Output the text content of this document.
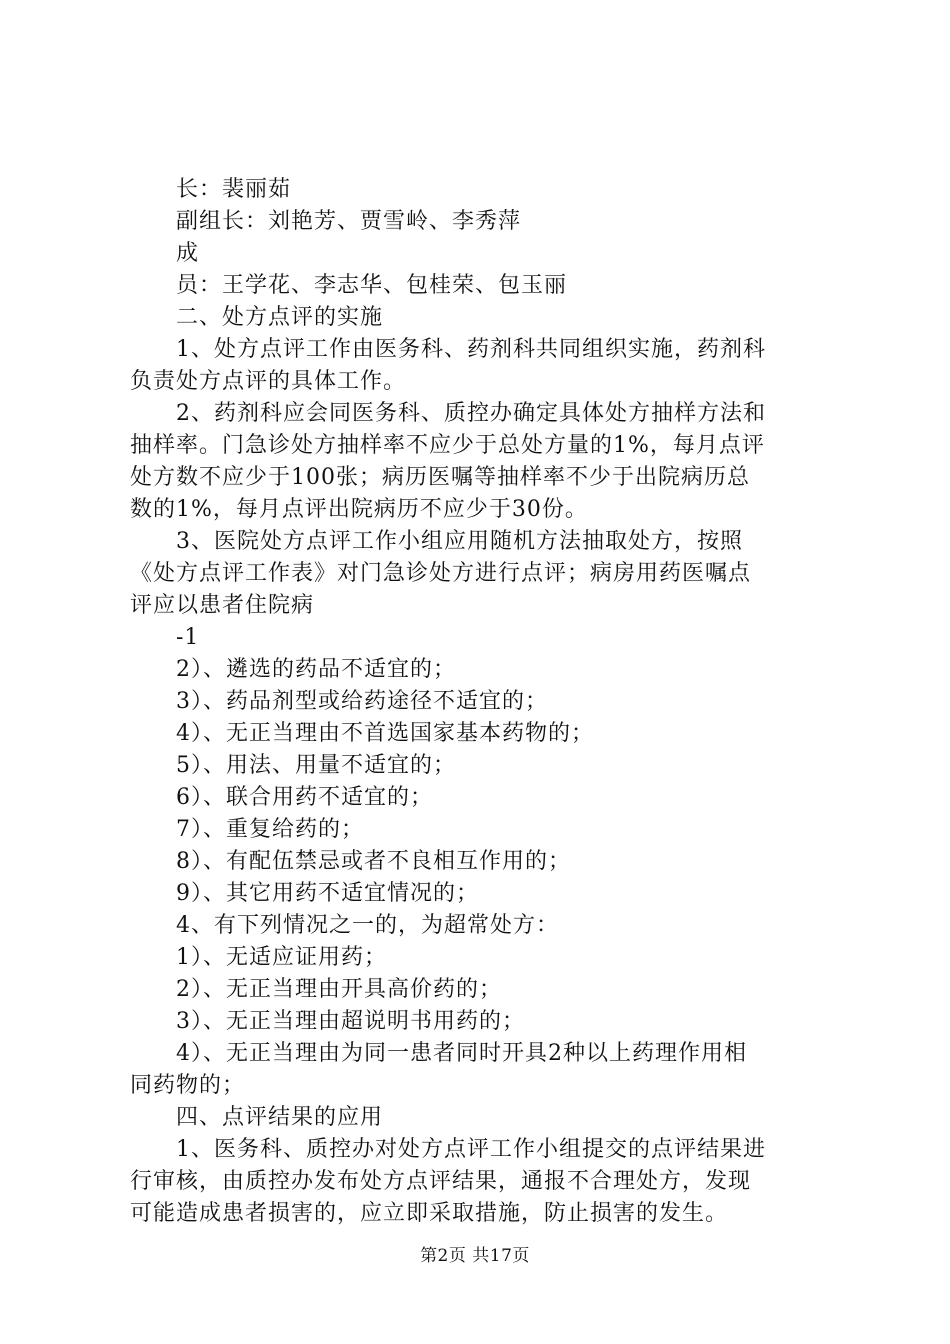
长：裴丽茹
副组长：刘艳芳、贾雪岭、李秀萍
成
员：王学花、李志华、包桂荣、包玉丽
二、处方点评的实施
1、处方点评工作由医务科、药剂科共同组织实施，药剂科
负责处方点评的具体工作。
2、药剂科应会同医务科、质控办确定具体处方抽样方法和
抽样率。门急诊处方抽样率不应少于总处方量的1%，每月点评
处方数不应少于100张；病历医嘱等抽样率不少于出院病历总
数的1%，每月点评出院病历不应少于30份。
3、医院处方点评工作小组应用随机方法抽取处方，按照
《处方点评工作表》对门急诊处方进行点评；病房用药医嘱点
评应以患者住院病
-1
2）、遴选的药品不适宜的；
3）、药品剂型或给药途径不适宜的；
4）、无正当理由不首选国家基本药物的；
5）、用法、用量不适宜的；
6）、联合用药不适宜的；
7）、重复给药的；
8）、有配伍禁忌或者不良相互作用的；
9）、其它用药不适宜情况的；
4、有下列情况之一的，为超常处方：
1）、无适应证用药；
2）、无正当理由开具高价药的；
3）、无正当理由超说明书用药的；
4）、无正当理由为同一患者同时开具2种以上药理作用相
同药物的；
四、点评结果的应用
1、医务科、质控办对处方点评工作小组提交的点评结果进
行审核，由质控办发布处方点评结果，通报不合理处方，发现
可能造成患者损害的，应立即采取措施，防止损害的发生。
第2页 共17页
